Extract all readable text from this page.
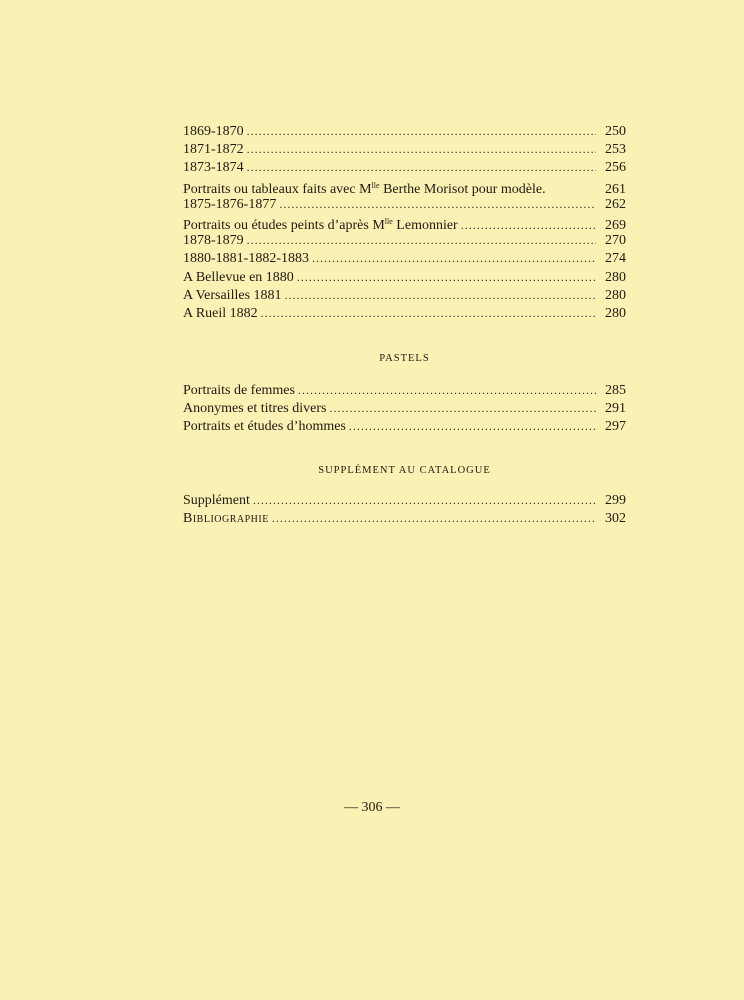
1869-1870 . . .	250
1871-1872 . . .	253
1873-1874 . . .	256
Portraits ou tableaux faits avec $M^{lle}$ Berthe Morisot pour modèle.	261
1875-1876-1877 . . .	262
Portraits ou études peints d’après $M^{lle}$ Lemonnier . . .	269
1878-1879 . . .	270
1880-1881-1882-1883 . . .	274
A Bellevue en 1880 . . .	280
A Versailles 1881 . . .	280
A Rueil 1882 . . .	280
PASTELS
Portraits de femmes . . .	285
Anonymes et titres divers . . .	291
Portraits et études d’hommes . . .	297
SUPPLÉMENT AU CATALOGUE
Supplément . . .	299
Bibliographie . . .	302
— 306 —
